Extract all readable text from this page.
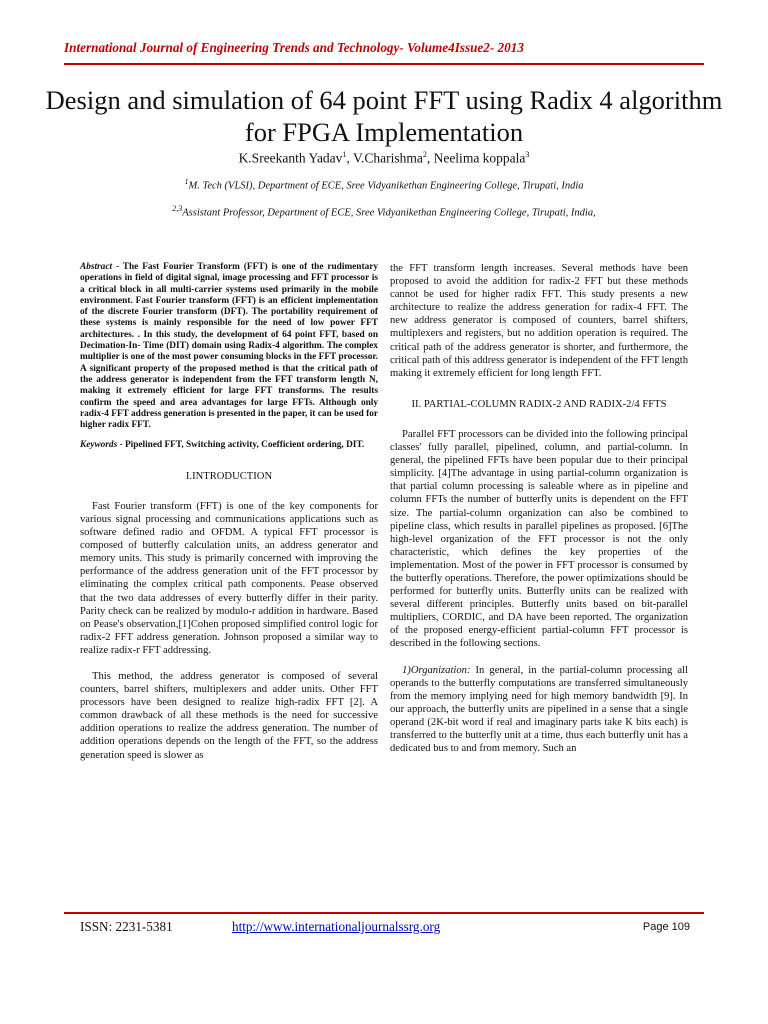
International Journal of Engineering Trends and Technology- Volume4Issue2- 2013
Design and simulation of 64 point FFT using Radix 4 algorithm for FPGA Implementation
K.Sreekanth Yadav$^1$, V.Charishma$^2$, Neelima koppala$^3$
$^1$M. Tech (VLSI), Department of ECE, Sree Vidyanikethan Engineering College, Tirupati, India
$^{2,3}$Assistant Professor, Department of ECE, Sree Vidyanikethan Engineering College, Tirupati, India,

Abstract - The Fast Fourier Transform (FFT) is one of the rudimentary operations in field of digital signal, image processing and FFT processor is a critical block in all multi-carrier systems used primarily in the mobile environment. Fast Fourier transform (FFT) is an efficient implementation of the discrete Fourier transform (DFT). The portability requirement of these systems is mainly responsible for the need of low power FFT architectures. . In this study, the development of 64 point FFT, based on Decimation-In- Time (DIT) domain using Radix-4 algorithm. The complex multiplier is one of the most power consuming blocks in the FFT processor. A significant property of the proposed method is that the critical path of the address generator is independent from the FFT transform length N, making it extremely efficient for large FFT transforms. The results confirm the speed and area advantages for large FFTs. Although only radix-4 FFT address generation is presented in the paper, it can be used for higher radix FFT.

Keywords - Pipelined FFT, Switching activity, Coefficient ordering, DIT.

I.INTRODUCTION

Fast Fourier transform (FFT) is one of the key components for various signal processing and communications applications such as software defined radio and OFDM. A typical FFT processor is composed of butterfly calculation units, an address generator and memory units. This study is primarily concerned with improving the performance of the address generation unit of the FFT processor by eliminating the complex critical path components. Pease observed that the two data addresses of every butterfly differ in their parity. Parity check can be realized by modulo-r addition in hardware. Based on Pease's observation,[1]Cohen proposed simplified control logic for radix-2 FFT address generation. Johnson proposed a similar way to realize radix-r FFT addressing.

This method, the address generator is composed of several counters, barrel shifters, multiplexers and adder units. Other FFT processors have been designed to realize high-radix FFT [2]. A common drawback of all these methods is the need for successive addition operations to realize the address generation. The number of addition operations depends on the length of the FFT, so the address generation speed is slower as

the FFT transform length increases. Several methods have been proposed to avoid the addition for radix-2 FFT but these methods cannot be used for higher radix FFT. This study presents a new architecture to realize the address generation for radix-4 FFT. The new address generator is composed of counters, barrel shifters, multiplexers and registers, but no addition operation is required. The critical path of the address generator is shorter, and furthermore, the critical path of this address generator is independent of the FFT length making it extremely efficient for long length FFT.

II. PARTIAL-COLUMN RADIX-2 AND RADIX-2/4 FFTS

Parallel FFT processors can be divided into the following principal classes' fully parallel, pipelined, column, and partial-column. In general, the pipelined FFTs have been popular due to their principal simplicity. [4]The advantage in using partial-column organization is that partial column processing is saleable where as in pipeline and column FFTs the number of butterfly units is dependent on the FFT size. The partial-column organization can also be combined to pipeline class, which results in parallel pipelines as proposed. [6]The high-level organization of the FFT processor is not the only characteristic, which defines the key properties of the implementation. Most of the power in FFT processor is consumed by the butterfly operations. Therefore, the power optimizations should be performed for butterfly units. Butterfly units can be realized with several different principles. Butterfly units based on bit-parallel multipliers, CORDIC, and DA have been reported. The organization of the proposed energy-efficient partial-column FFT processor is described in the following sections.

1)Organization: In general, in the partial-column processing all operands to the butterfly computations are transferred simultaneously from the memory implying need for high memory bandwidth [9]. In our approach, the butterfly units are pipelined in a sense that a single operand (2K-bit word if real and imaginary parts take K bits each) is transferred to the butterfly unit at a time, thus each butterfly unit has a dedicated bus to and from memory. Such an

ISSN: 2231-5381	http://www.internationaljournalssrg.org	Page 109
